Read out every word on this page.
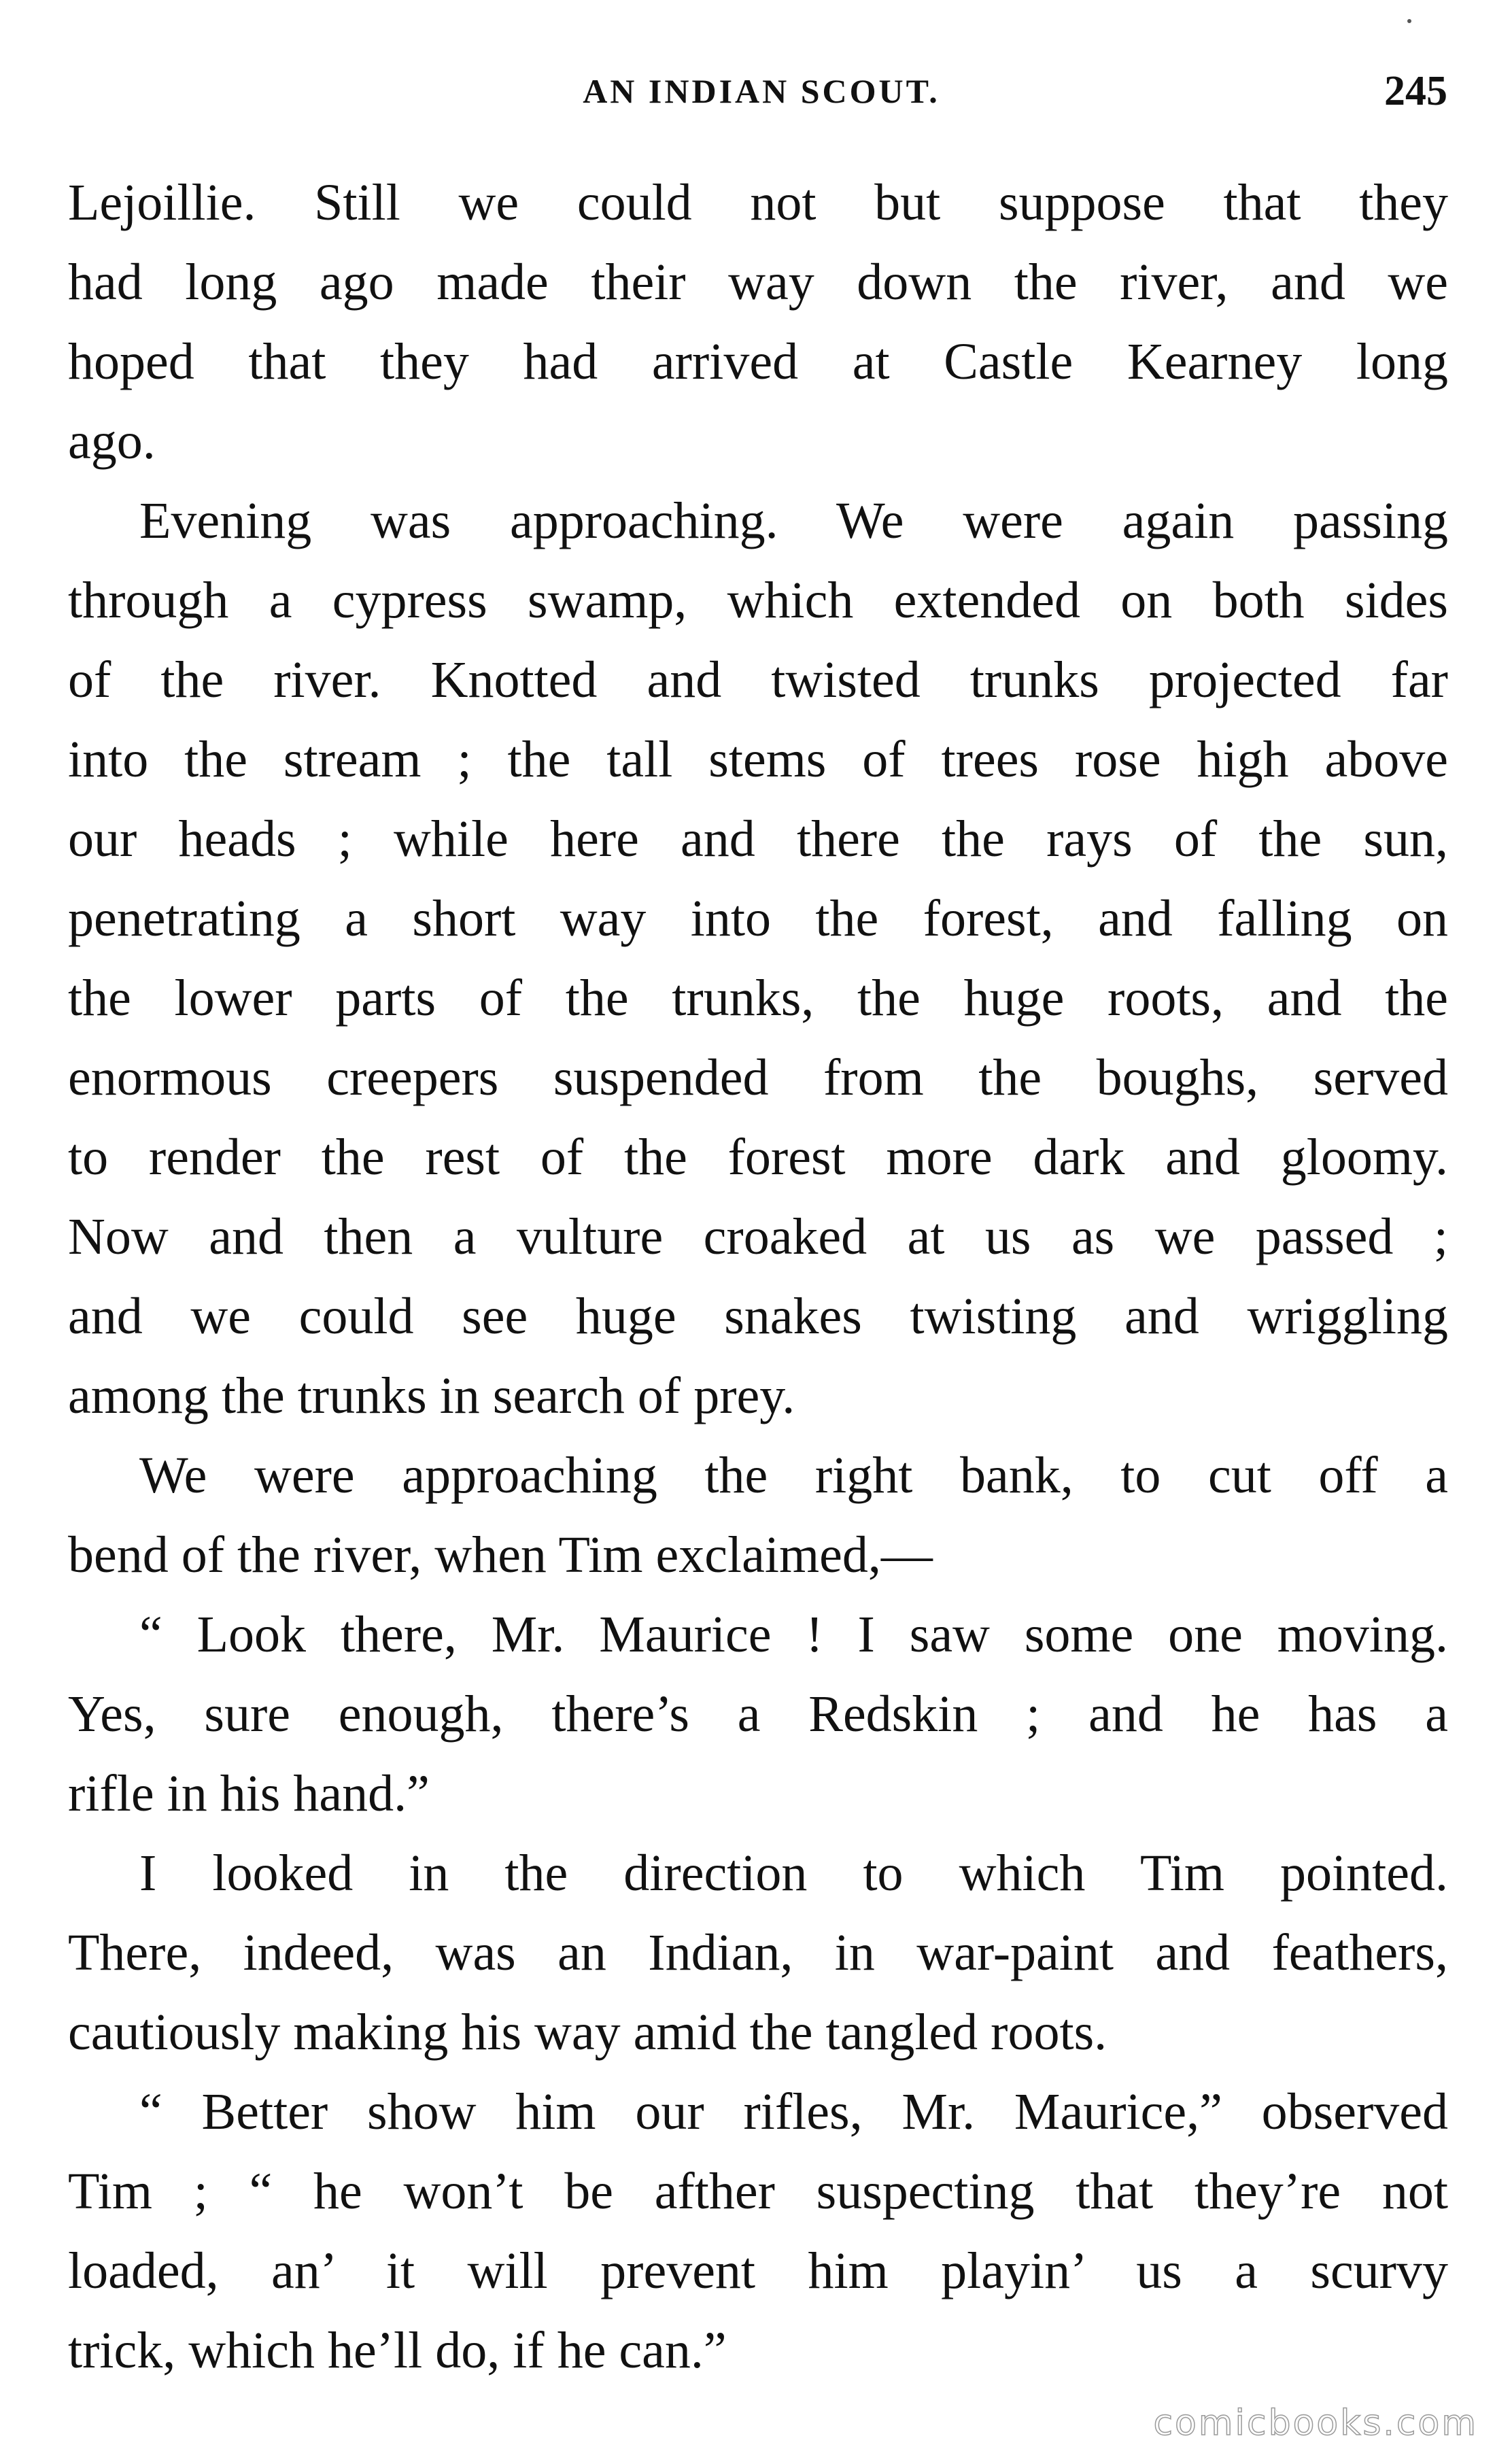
AN INDIAN SCOUT.	245
Lejoillie. Still we could not but suppose that they
had long ago made their way down the river, and we
hoped that they had arrived at Castle Kearney long
ago.
Evening was approaching. We were again passing
through a cypress swamp, which extended on both sides
of the river. Knotted and twisted trunks projected far
into the stream ; the tall stems of trees rose high above
our heads ; while here and there the rays of the sun,
penetrating a short way into the forest, and falling on
the lower parts of the trunks, the huge roots, and the
enormous creepers suspended from the boughs, served
to render the rest of the forest more dark and gloomy.
Now and then a vulture croaked at us as we passed ;
and we could see huge snakes twisting and wriggling
among the trunks in search of prey.
We were approaching the right bank, to cut off a
bend of the river, when Tim exclaimed,—
“ Look there, Mr. Maurice ! I saw some one moving.
Yes, sure enough, there’s a Redskin ; and he has a
rifle in his hand.”
I looked in the direction to which Tim pointed.
There, indeed, was an Indian, in war-paint and feathers,
cautiously making his way amid the tangled roots.
“ Better show him our rifles, Mr. Maurice,” observed
Tim ; “ he won’t be afther suspecting that they’re not
loaded, an’ it will prevent him playin’ us a scurvy
trick, which he’ll do, if he can.”
comicbooks.com
